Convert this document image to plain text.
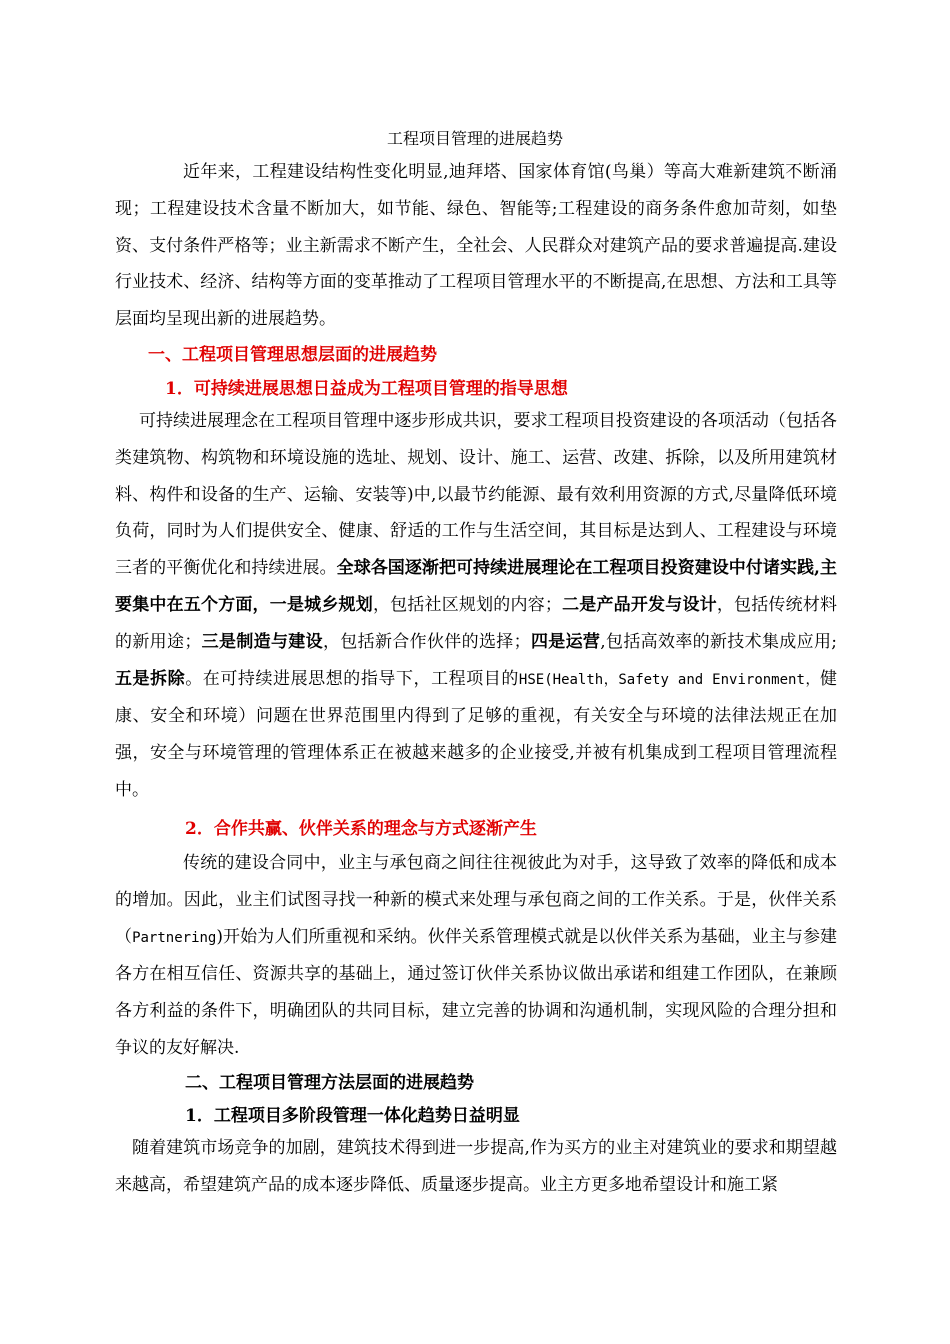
工程项目管理的进展趋势
近年来，工程建设结构性变化明显,迪拜塔、国家体育馆(鸟巢）等高大难新建筑不断涌现；工程建设技术含量不断加大，如节能、绿色、智能等;工程建设的商务条件愈加苛刻，如垫资、支付条件严格等；业主新需求不断产生，全社会、人民群众对建筑产品的要求普遍提高.建设行业技术、经济、结构等方面的变革推动了工程项目管理水平的不断提高,在思想、方法和工具等层面均呈现出新的进展趋势。
一、工程项目管理思想层面的进展趋势
1．可持续进展思想日益成为工程项目管理的指导思想
可持续进展理念在工程项目管理中逐步形成共识，要求工程项目投资建设的各项活动（包括各类建筑物、构筑物和环境设施的选址、规划、设计、施工、运营、改建、拆除，以及所用建筑材料、构件和设备的生产、运输、安装等)中,以最节约能源、最有效利用资源的方式,尽量降低环境负荷，同时为人们提供安全、健康、舒适的工作与生活空间，其目标是达到人、工程建设与环境三者的平衡优化和持续进展。全球各国逐渐把可持续进展理论在工程项目投资建设中付诸实践,主要集中在五个方面，一是城乡规划，包括社区规划的内容；二是产品开发与设计，包括传统材料的新用途；三是制造与建设，包括新合作伙伴的选择；四是运营,包括高效率的新技术集成应用;五是拆除。在可持续进展思想的指导下，工程项目的HSE(Health，Safety and Environment，健康、安全和环境）问题在世界范围里内得到了足够的重视，有关安全与环境的法律法规正在加强，安全与环境管理的管理体系正在被越来越多的企业接受,并被有机集成到工程项目管理流程中。
2．合作共赢、伙伴关系的理念与方式逐渐产生
传统的建设合同中，业主与承包商之间往往视彼此为对手，这导致了效率的降低和成本的增加。因此，业主们试图寻找一种新的模式来处理与承包商之间的工作关系。于是，伙伴关系（Partnering)开始为人们所重视和采纳。伙伴关系管理模式就是以伙伴关系为基础，业主与参建各方在相互信任、资源共享的基础上，通过签订伙伴关系协议做出承诺和组建工作团队，在兼顾各方利益的条件下，明确团队的共同目标，建立完善的协调和沟通机制，实现风险的合理分担和争议的友好解决.
二、工程项目管理方法层面的进展趋势
1．工程项目多阶段管理一体化趋势日益明显
随着建筑市场竞争的加剧，建筑技术得到进一步提高,作为买方的业主对建筑业的要求和期望越来越高，希望建筑产品的成本逐步降低、质量逐步提高。业主方更多地希望设计和施工紧
